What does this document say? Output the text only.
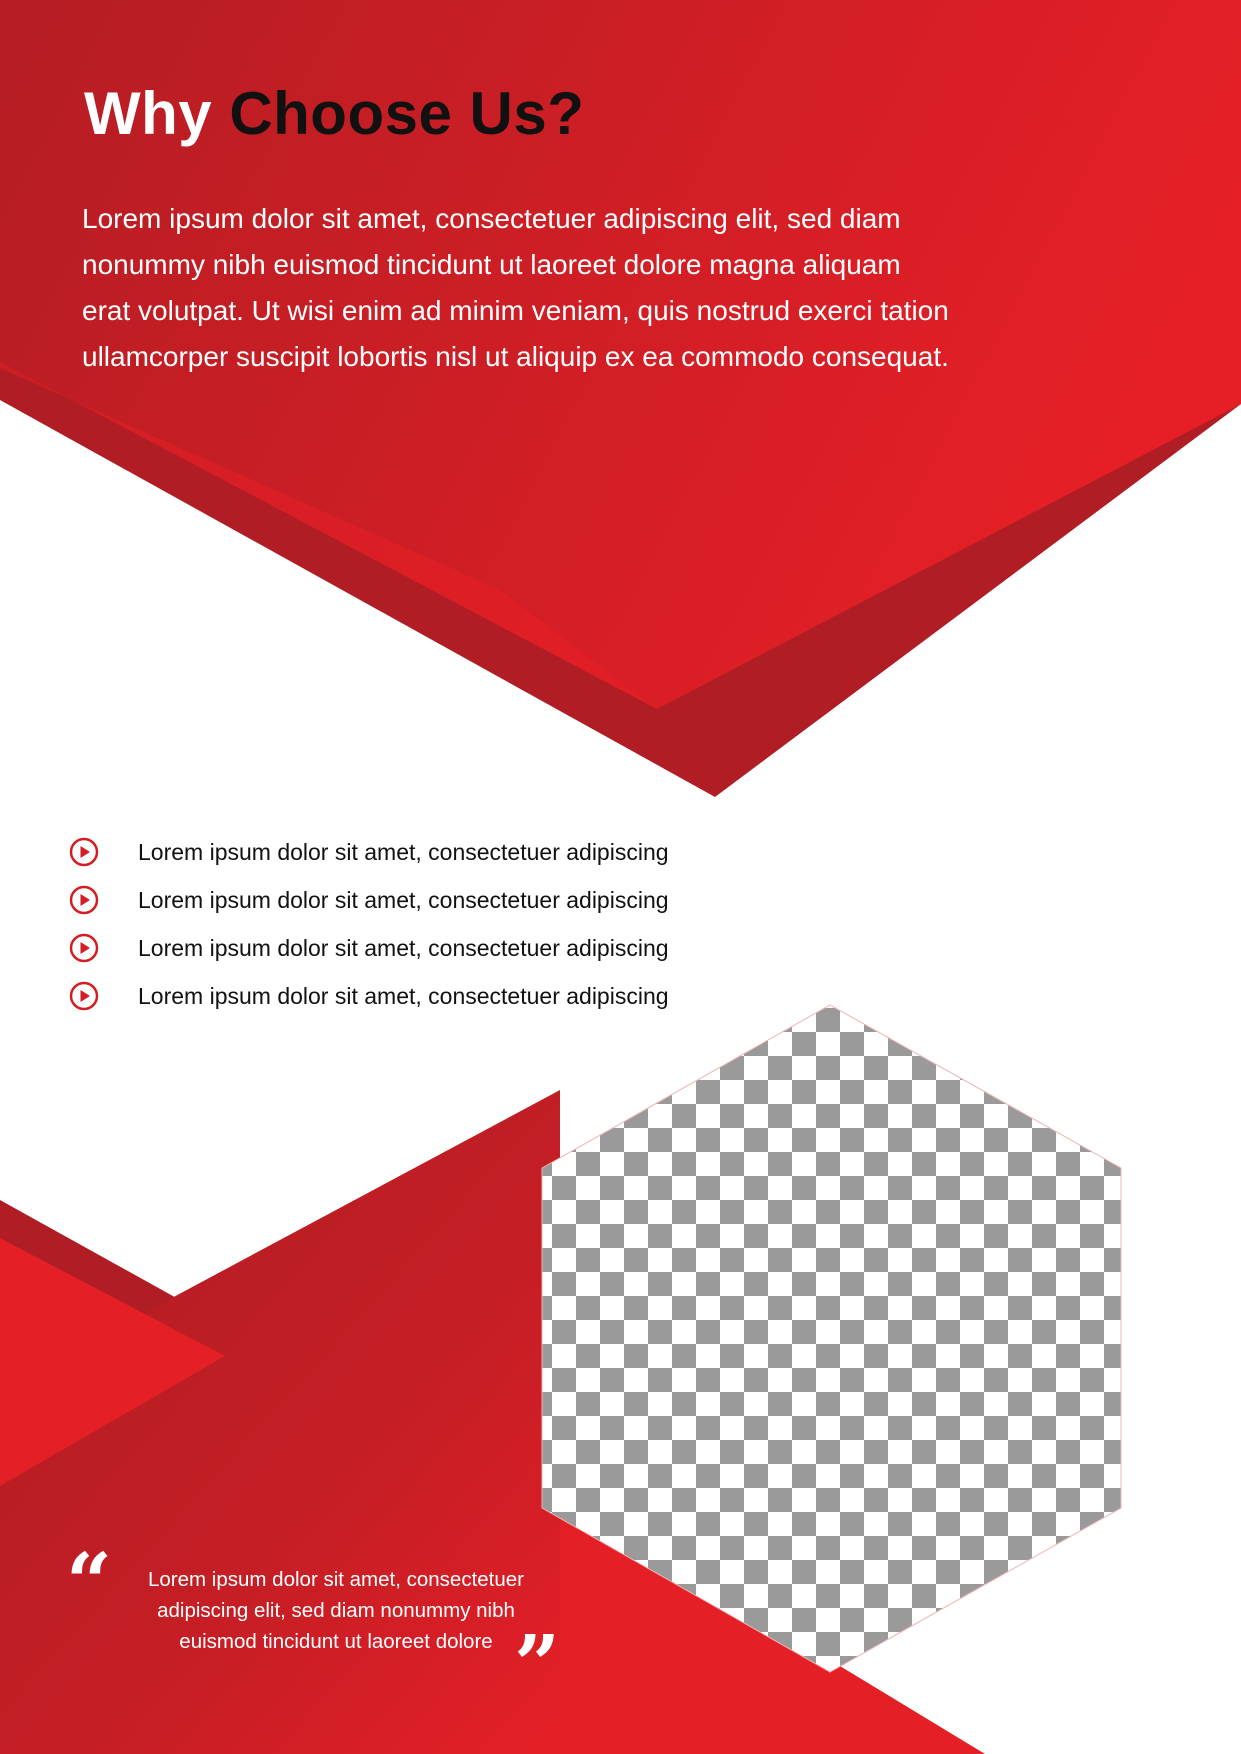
Why Choose Us?

Lorem ipsum dolor sit amet, consectetuer adipiscing elit, sed diam
nonummy nibh euismod tincidunt ut laoreet dolore magna aliquam
erat volutpat. Ut wisi enim ad minim veniam, quis nostrud exerci tation
ullamcorper suscipit lobortis nisl ut aliquip ex ea commodo consequat.

Lorem ipsum dolor sit amet, consectetuer adipiscing
Lorem ipsum dolor sit amet, consectetuer adipiscing
Lorem ipsum dolor sit amet, consectetuer adipiscing
Lorem ipsum dolor sit amet, consectetuer adipiscing
“	Lorem ipsum dolor sit amet, consectetuer
adipiscing elit, sed diam nonummy nibh
euismod tincidunt ut laoreet dolore ”
